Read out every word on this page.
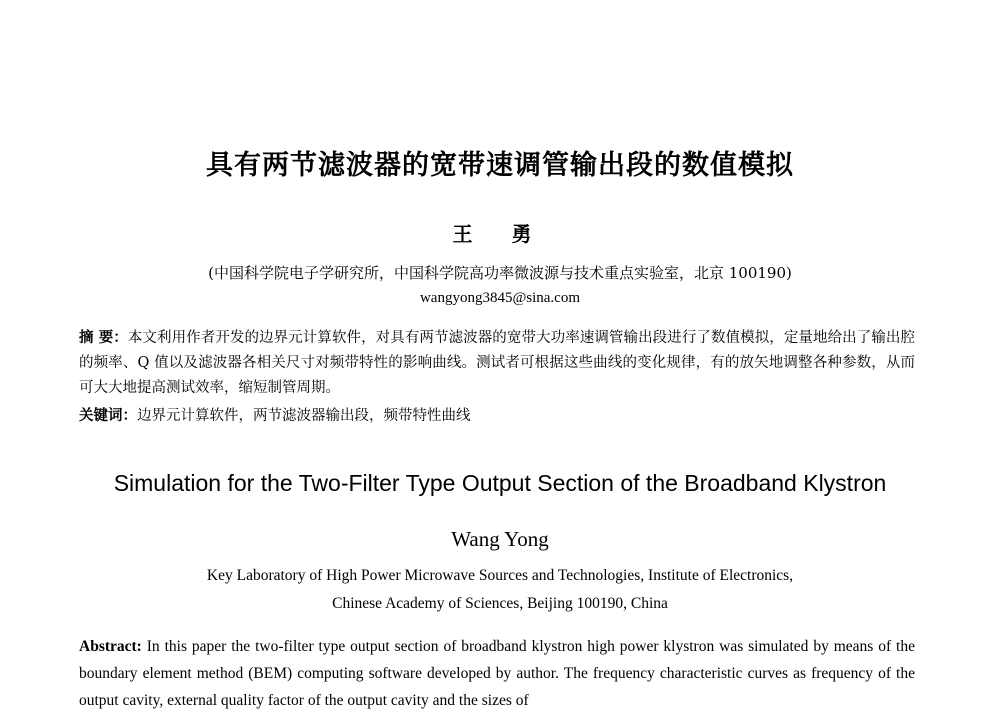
具有两节滤波器的宽带速调管输出段的数值模拟
王 勇
(中国科学院电子学研究所，中国科学院高功率微波源与技术重点实验室，北京 100190)
wangyong3845@sina.com
摘 要：本文利用作者开发的边界元计算软件，对具有两节滤波器的宽带大功率速调管输出段进行了数值模拟，定量地给出了输出腔的频率、Q 值以及滤波器各相关尺寸对频带特性的影响曲线。测试者可根据这些曲线的变化规律，有的放矢地调整各种参数，从而可大大地提高测试效率，缩短制管周期。
关键词：边界元计算软件，两节滤波器输出段，频带特性曲线
Simulation for the Two-Filter Type Output Section of the Broadband Klystron
Wang Yong
Key Laboratory of High Power Microwave Sources and Technologies, Institute of Electronics,
Chinese Academy of Sciences, Beijing 100190, China
Abstract: In this paper the two-filter type output section of broadband klystron high power klystron was simulated by means of the boundary element method (BEM) computing software developed by author. The frequency characteristic curves as frequency of the output cavity, external quality factor of the output cavity and the sizes of
